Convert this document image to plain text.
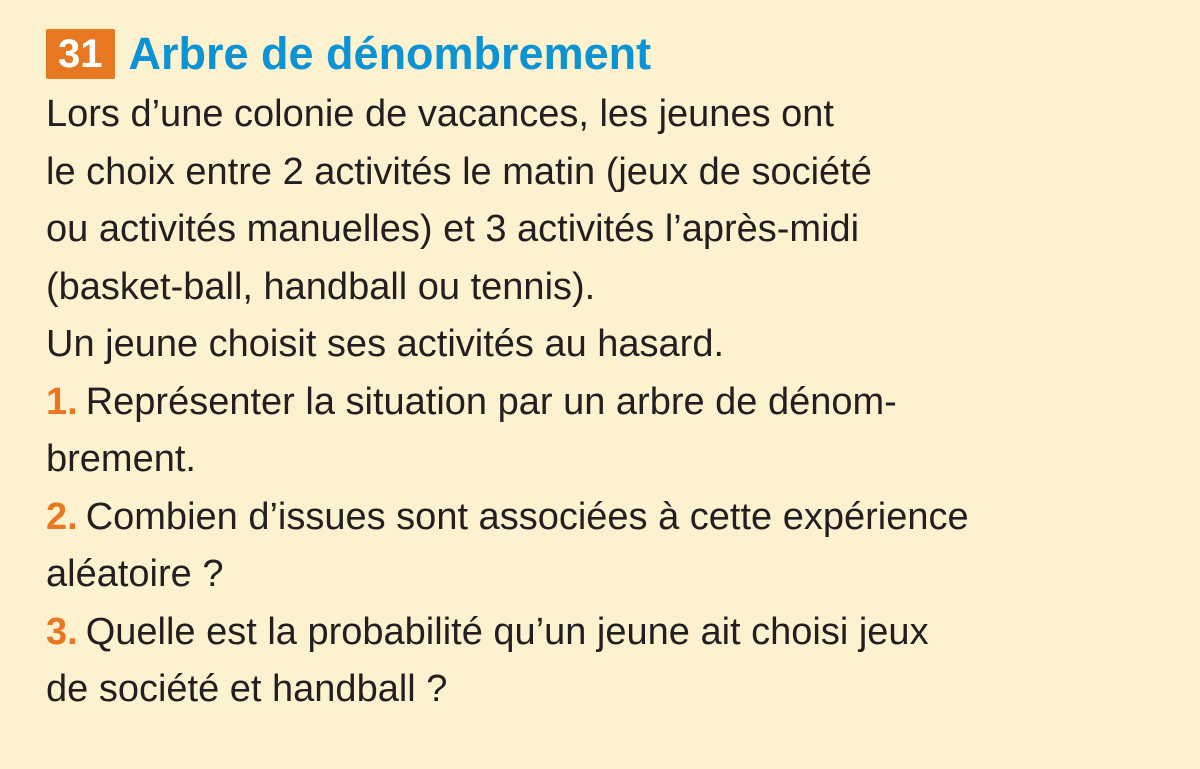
31 Arbre de dénombrement
Lors d’une colonie de vacances, les jeunes ont
le choix entre 2 activités le matin (jeux de société
ou activités manuelles) et 3 activités l’après-midi
(basket-ball, handball ou tennis).
Un jeune choisit ses activités au hasard.
1. Représenter la situation par un arbre de dénom-
brement.
2. Combien d’issues sont associées à cette expérience
aléatoire ?
3. Quelle est la probabilité qu’un jeune ait choisi jeux
de société et handball ?
